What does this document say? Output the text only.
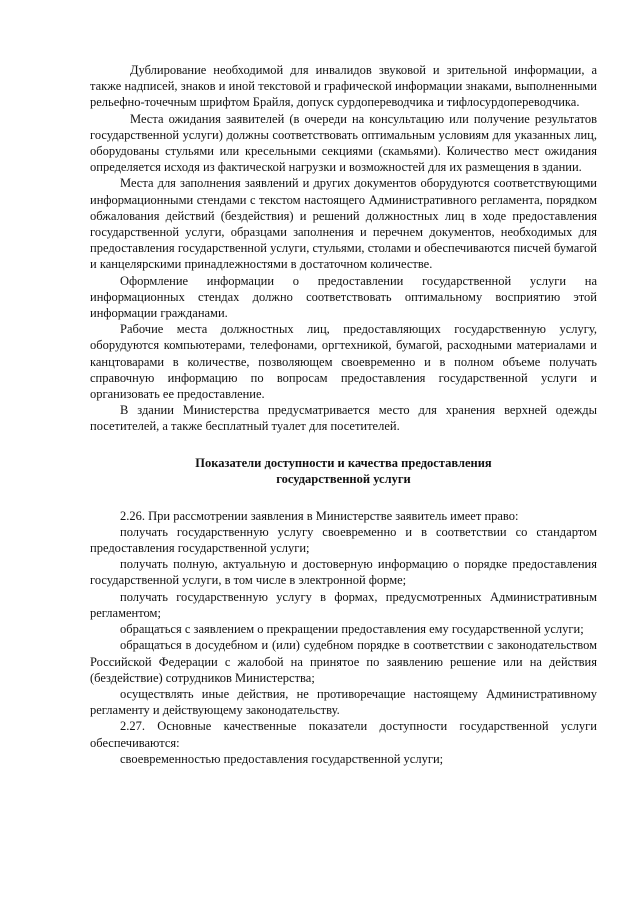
Дублирование необходимой для инвалидов звуковой и зрительной информации, а также надписей, знаков и иной текстовой и графической информации знаками, выполненными рельефно-точечным шрифтом Брайля, допуск сурдопереводчика и тифлосурдопереводчика.

Места ожидания заявителей (в очереди на консультацию или получение результатов государственной услуги) должны соответствовать оптимальным условиям для указанных лиц, оборудованы стульями или кресельными секциями (скамьями). Количество мест ожидания определяется исходя из фактической нагрузки и возможностей для их размещения в здании.

Места для заполнения заявлений и других документов оборудуются соответствующими информационными стендами с текстом настоящего Административного регламента, порядком обжалования действий (бездействия) и решений должностных лиц в ходе предоставления государственной услуги, образцами заполнения и перечнем документов, необходимых для предоставления государственной услуги, стульями, столами и обеспечиваются писчей бумагой и канцелярскими принадлежностями в достаточном количестве.

Оформление информации о предоставлении государственной услуги на информационных стендах должно соответствовать оптимальному восприятию этой информации гражданами.

Рабочие места должностных лиц, предоставляющих государственную услугу, оборудуются компьютерами, телефонами, оргтехникой, бумагой, расходными материалами и канцтоварами в количестве, позволяющем своевременно и в полном объеме получать справочную информацию по вопросам предоставления государственной услуги и организовать ее предоставление.

В здании Министерства предусматривается место для хранения верхней одежды посетителей, а также бесплатный туалет для посетителей.

Показатели доступности и качества предоставления
государственной услуги

2.26. При рассмотрении заявления в Министерстве заявитель имеет право:

получать государственную услугу своевременно и в соответствии со стандартом предоставления государственной услуги;

получать полную, актуальную и достоверную информацию о порядке предоставления государственной услуги, в том числе в электронной форме;

получать государственную услугу в формах, предусмотренных Административным регламентом;

обращаться с заявлением о прекращении предоставления ему государственной услуги;

обращаться в досудебном и (или) судебном порядке в соответствии с законодательством Российской Федерации с жалобой на принятое по заявлению решение или на действия (бездействие) сотрудников Министерства;

осуществлять иные действия, не противоречащие настоящему Административному регламенту и действующему законодательству.

2.27. Основные качественные показатели доступности государственной услуги обеспечиваются:

своевременностью предоставления государственной услуги;
